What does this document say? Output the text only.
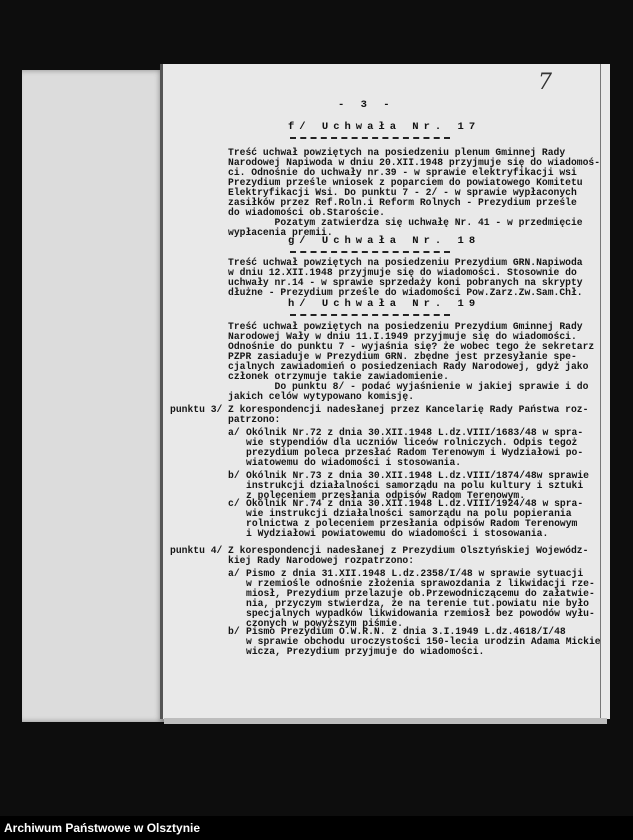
7
- 3 -
f/ Uchwała Nr. 17
Treść uchwał powziętych na posiedzeniu plenum Gminnej Rady
Narodowej Napiwoda w dniu 20.XII.1948 przyjmuje się do wiadomoś-
ci. Odnośnie do uchwały nr.39 - w sprawie elektryfikacji wsi
Prezydium prześle wniosek z poparciem do powiatowego Komitetu
Elektryfikacji Wsi. Do punktu 7 - 2/ - w sprawie wypłaconych
zasiłków przez Ref.Roln.i Reform Rolnych - Prezydium prześle
do wiadomości ob.Staroście.
Pozatym zatwierdza się uchwałę Nr. 41 - w przedmięcie
wypłacenia premii.
g/ Uchwała Nr. 18
Treść uchwał powziętych na posiedzeniu Prezydium GRN.Napiwoda
w dniu 12.XII.1948 przyjmuje się do wiadomości. Stosownie do
uchwały nr.14 - w sprawie sprzedaży koni pobranych na skrypty
dłużne - Prezydium prześle do wiadomości Pow.Zarz.Zw.Sam.Chł.
h/ Uchwała Nr. 19
Treść uchwał powziętych na posiedzeniu Prezydium Gminnej Rady
Narodowej Wały w dniu 11.I.1949 przyjmuje się do wiadomości.
Odnośnie do punktu 7 - wyjaśnia się? że wobec tego że sekretarz
PZPR zasiaduje w Prezydium GRN. zbędne jest przesyłanie spe-
cjalnych zawiadomień o posiedzeniach Rady Narodowej, gdyż jako
członek otrzymuje takie zawiadomienie.
Do punktu 8/ - podać wyjaśnienie w jakiej sprawie i do
jakich celów wytypowano komisję.
punktu 3/ Z korespondencji nadesłanej przez Kancelarię Rady Państwa roz-
patrzono:
a/ Okólnik Nr.72 z dnia 30.XII.1948 L.dz.VIII/1683/48 w spra-
wie stypendiów dla uczniów liceów rolniczych. Odpis tegoż
prezydium poleca przesłać Radom Terenowym i Wydziałowi po-
wiatowemu do wiadomości i stosowania.
b/ Okólnik Nr.73 z dnia 30.XII.1948 L.dz.VIII/1874/48w sprawie
instrukcji działalności samorządu na polu kultury i sztuki
z poleceniem przesłania odpisów Radom Terenowym.
c/ Okólnik Nr.74 z dnia 30.XII.1948 L.dz.VIII/1924/48 w spra-
wie instrukcji działalności samorządu na polu popierania
rolnictwa z poleceniem przesłania odpisów Radom Terenowym
i Wydziałowi powiatowemu do wiadomości i stosowania.
punktu 4/ Z korespondencji nadesłanej z Prezydium Olsztyńskiej Wojewódz-
kiej Rady Narodowej rozpatrzono:
a/ Pismo z dnia 31.XII.1948 L.dz.2358/I/48 w sprawie sytuacji
w rzemiośle odnośnie złożenia sprawozdania z likwidacji rze-
miosł, Prezydium przelazuje ob.Przewodniczącemu do załatwie-
nia, przyczym stwierdza, że na terenie tut.powiatu nie było
specjalnych wypadków likwidowania rzemiosł bez powodów wyłu-
czonych w powyższym piśmie.
b/ Pismo Prezydium O.W.R.N. z dnia 3.I.1949 L.dz.4618/I/48
w sprawie obchodu uroczystości 150-lecia urodzin Adama Mickie
wicza, Prezydium przyjmuje do wiadomości.
Archiwum Państwowe w Olsztynie
